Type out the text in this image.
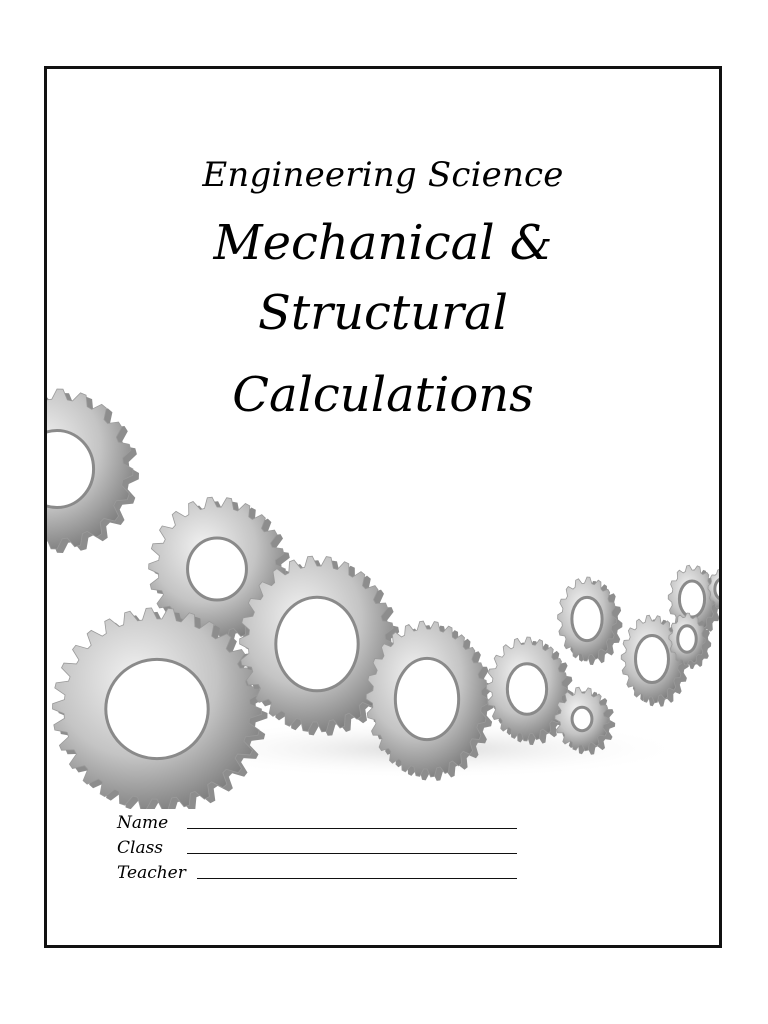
Engineering Science
Mechanical &
Structural
Calculations
Name
Class
Teacher
